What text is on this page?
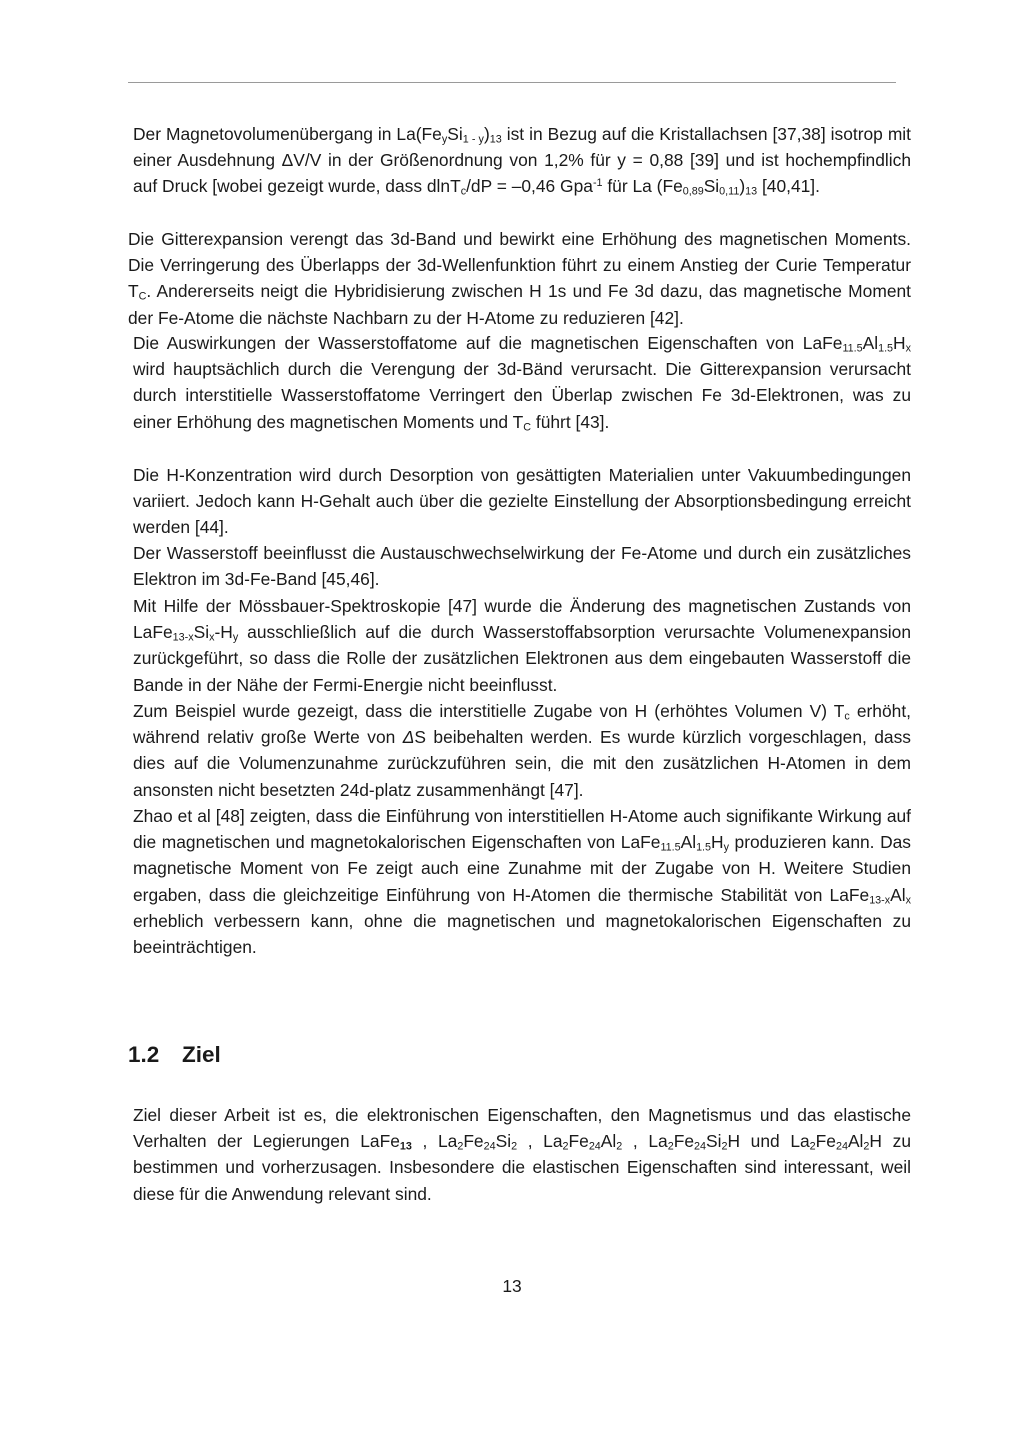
Der Magnetovolumenübergang in $La(Fe_ySi_{1 - y})_{13}$ ist in Bezug auf die Kristallachsen [37,38] isotrop mit einer Ausdehnung ΔV/V in der Größenordnung von 1,2% für y = 0,88 [39] und ist hochempfindlich auf Druck [wobei gezeigt wurde, dass dlnT$_c$/dP = –0,46 Gpa$^{-1}$ für La $(Fe_{0,89}Si_{0,11})_{13}$ [40,41].

Die Gitterexpansion verengt das 3d-Band und bewirkt eine Erhöhung des magnetischen Moments. Die Verringerung des Überlapps der 3d-Wellenfunktion führt zu einem Anstieg der Curie Temperatur $T_C$. Andererseits neigt die Hybridisierung zwischen H 1s und Fe 3d dazu, das magnetische Moment der Fe-Atome die nächste Nachbarn zu der H-Atome zu reduzieren [42].

Die Auswirkungen der Wasserstoffatome auf die magnetischen Eigenschaften von $LaFe_{11.5}Al_{1.5}H_x$ wird hauptsächlich durch die Verengung der 3d-Bänd verursacht. Die Gitterexpansion verursacht durch interstitielle Wasserstoffatome Verringert den Überlap zwischen Fe 3d-Elektronen, was zu einer Erhöhung des magnetischen Moments und $T_C$ führt [43].

Die H-Konzentration wird durch Desorption von gesättigten Materialien unter Vakuumbedingungen variiert. Jedoch kann H-Gehalt auch über die gezielte Einstellung der Absorptionsbedingung erreicht werden [44].

Der Wasserstoff beeinflusst die Austauschwechselwirkung der Fe-Atome und durch ein zusätzliches Elektron im 3d-Fe-Band [45,46].

Mit Hilfe der Mössbauer-Spektroskopie [47] wurde die Änderung des magnetischen Zustands von $LaFe_{13-x}Si_x-H_y$ ausschließlich auf die durch Wasserstoffabsorption verursachte Volumenexpansion zurückgeführt, so dass die Rolle der zusätzlichen Elektronen aus dem eingebauten Wasserstoff die Bande in der Nähe der Fermi-Energie nicht beeinflusst.

Zum Beispiel wurde gezeigt, dass die interstitielle Zugabe von H (erhöhtes Volumen V) $T_c$ erhöht, während relativ große Werte von ΔS beibehalten werden. Es wurde kürzlich vorgeschlagen, dass dies auf die Volumenzunahme zurückzuführen sein, die mit den zusätzlichen H-Atomen in dem ansonsten nicht besetzten 24d-platz zusammenhängt [47].

Zhao et al [48] zeigten, dass die Einführung von interstitiellen H-Atome auch signifikante Wirkung auf die magnetischen und magnetokalorischen Eigenschaften von $LaFe_{11.5}Al_{1.5}H_y$ produzieren kann. Das magnetische Moment von Fe zeigt auch eine Zunahme mit der Zugabe von H. Weitere Studien ergaben, dass die gleichzeitige Einführung von H-Atomen die thermische Stabilität von $LaFe_{13-x}Al_x$ erheblich verbessern kann, ohne die magnetischen und magnetokalorischen Eigenschaften zu beeinträchtigen.

1.2 Ziel

Ziel dieser Arbeit ist es, die elektronischen Eigenschaften, den Magnetismus und das elastische Verhalten der Legierungen LaFe$_{13}$ , $La_2Fe_{24}Si_2$ , $La_2Fe_{24}Al_2$ , $La_2Fe_{24}Si_2H$ und $La_2Fe_{24}Al_2H$ zu bestimmen und vorherzusagen. Insbesondere die elastischen Eigenschaften sind interessant, weil diese für die Anwendung relevant sind.

13
